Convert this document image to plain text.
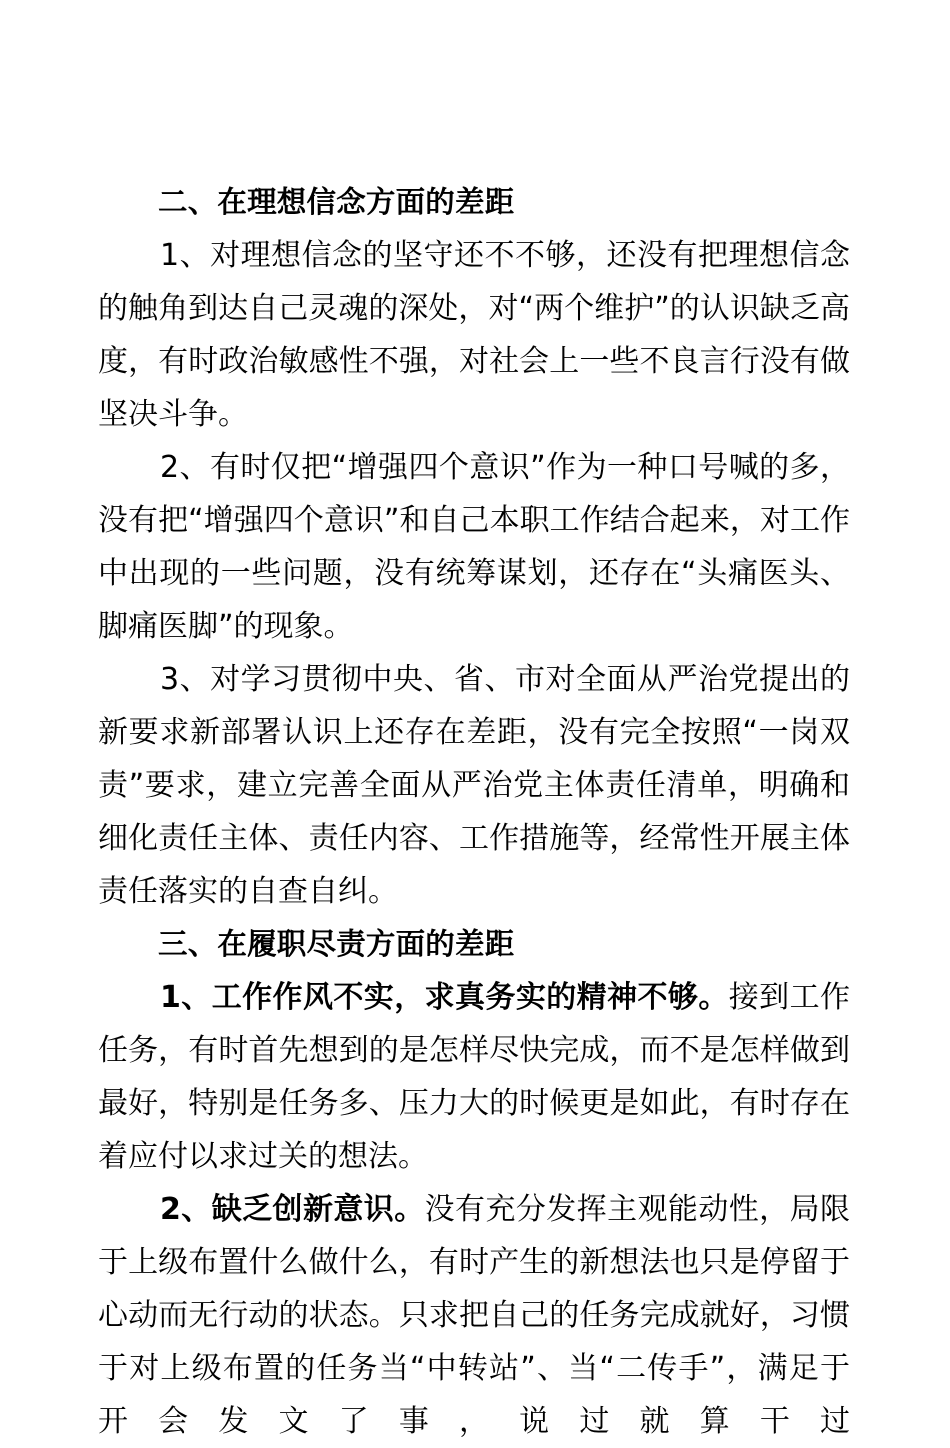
二、在理想信念方面的差距

1、对理想信念的坚守还不不够，还没有把理想信念的触角到达自己灵魂的深处，对“两个维护”的认识缺乏高度，有时政治敏感性不强，对社会上一些不良言行没有做坚决斗争。

2、有时仅把“增强四个意识”作为一种口号喊的多，没有把“增强四个意识”和自己本职工作结合起来，对工作中出现的一些问题，没有统筹谋划，还存在“头痛医头、脚痛医脚”的现象。

3、对学习贯彻中央、省、市对全面从严治党提出的新要求新部署认识上还存在差距，没有完全按照“一岗双责”要求，建立完善全面从严治党主体责任清单，明确和细化责任主体、责任内容、工作措施等，经常性开展主体责任落实的自查自纠。

三、在履职尽责方面的差距

1、工作作风不实，求真务实的精神不够。接到工作任务，有时首先想到的是怎样尽快完成，而不是怎样做到最好，特别是任务多、压力大的时候更是如此，有时存在着应付以求过关的想法。

2、缺乏创新意识。没有充分发挥主观能动性，局限于上级布置什么做什么，有时产生的新想法也只是停留于心动而无行动的状态。只求把自己的任务完成就好，习惯于对上级布置的任务当“中转站”、当“二传手”，满足于开会发文了事，说过就算干过
